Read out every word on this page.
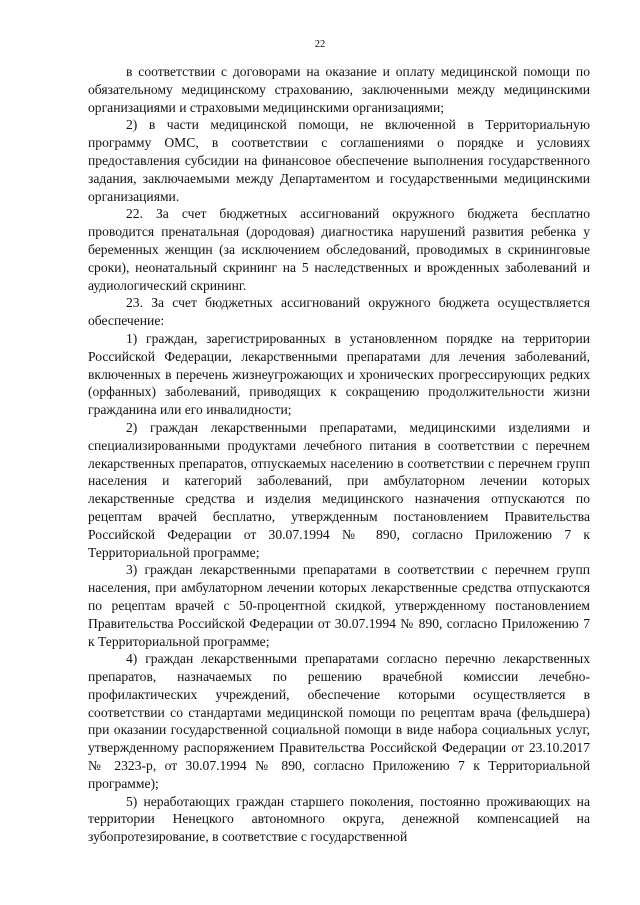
22

в соответствии с договорами на оказание и оплату медицинской помощи по обязательному медицинскому страхованию, заключенными между медицинскими организациями и страховыми медицинскими организациями;

2) в части медицинской помощи, не включенной в Территориальную программу ОМС, в соответствии с соглашениями о порядке и условиях предоставления субсидии на финансовое обеспечение выполнения государственного задания, заключаемыми между Департаментом и государственными медицинскими организациями.

22. За счет бюджетных ассигнований окружного бюджета бесплатно проводится пренатальная (дородовая) диагностика нарушений развития ребенка у беременных женщин (за исключением обследований, проводимых в скрининговые сроки), неонатальный скрининг на 5 наследственных и врожденных заболеваний и аудиологический скрининг.

23. За счет бюджетных ассигнований окружного бюджета осуществляется обеспечение:

1) граждан, зарегистрированных в установленном порядке на территории Российской Федерации, лекарственными препаратами для лечения заболеваний, включенных в перечень жизнеугрожающих и хронических прогрессирующих редких (орфанных) заболеваний, приводящих к сокращению продолжительности жизни гражданина или его инвалидности;

2) граждан лекарственными препаратами, медицинскими изделиями и специализированными продуктами лечебного питания в соответствии с перечнем лекарственных препаратов, отпускаемых населению в соответствии с перечнем групп населения и категорий заболеваний, при амбулаторном лечении которых лекарственные средства и изделия медицинского назначения отпускаются по рецептам врачей бесплатно, утвержденным постановлением Правительства Российской Федерации от 30.07.1994 № 890, согласно Приложению 7 к Территориальной программе;

3) граждан лекарственными препаратами в соответствии с перечнем групп населения, при амбулаторном лечении которых лекарственные средства отпускаются по рецептам врачей с 50-процентной скидкой, утвержденному постановлением Правительства Российской Федерации от 30.07.1994 № 890, согласно Приложению 7 к Территориальной программе;

4) граждан лекарственными препаратами согласно перечню лекарственных препаратов, назначаемых по решению врачебной комиссии лечебно-профилактических учреждений, обеспечение которыми осуществляется в соответствии со стандартами медицинской помощи по рецептам врача (фельдшера) при оказании государственной социальной помощи в виде набора социальных услуг, утвержденному распоряжением Правительства Российской Федерации от 23.10.2017 № 2323-р, от 30.07.1994 № 890, согласно Приложению 7 к Территориальной программе);

5) неработающих граждан старшего поколения, постоянно проживающих на территории Ненецкого автономного округа, денежной компенсацией на зубопротезирование, в соответствие с государственной
